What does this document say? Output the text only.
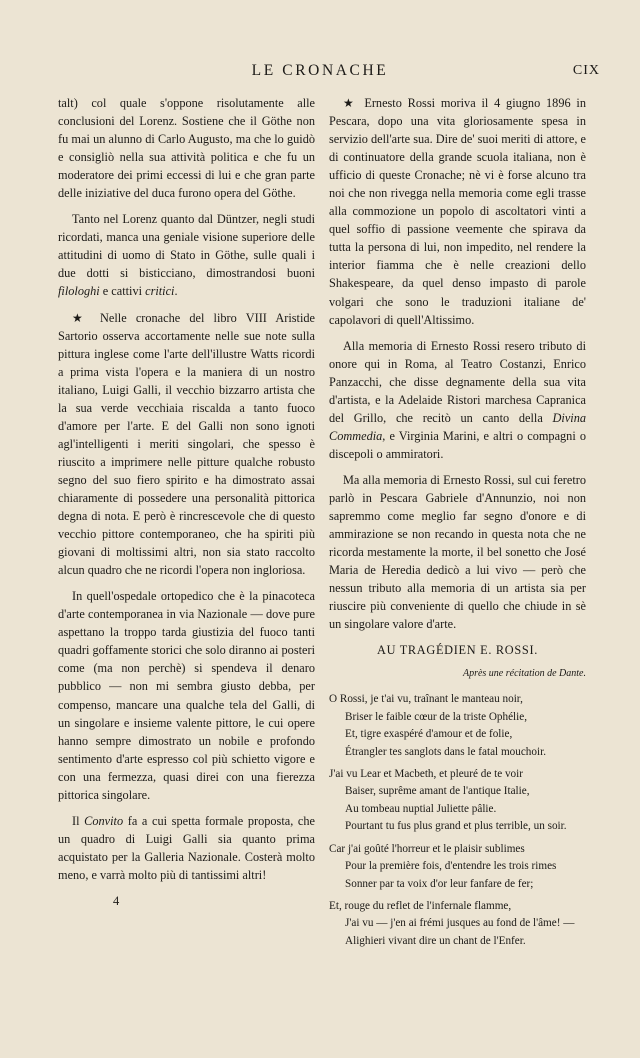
LE CRONACHE	CIX

talt) col quale s'oppone risolutamente alle conclusioni del Lorenz. Sostiene che il Göthe non fu mai un alunno di Carlo Augusto, ma che lo guidò e consigliò nella sua attività politica e che fu un moderatore dei primi eccessi di lui e che gran parte delle iniziative del duca furono opera del Göthe.

Tanto nel Lorenz quanto dal Düntzer, negli studi ricordati, manca una geniale visione superiore delle attitudini di uomo di Stato in Göthe, sulle quali i due dotti si bisticciano, dimostrandosi buoni filologhi e cattivi critici.

★ Nelle cronache del libro VIII Aristide Sartorio osserva accortamente nelle sue note sulla pittura inglese come l'arte dell'illustre Watts ricordi a prima vista l'opera e la maniera di un nostro italiano, Luigi Galli, il vecchio bizzarro artista che la sua verde vecchiaia riscalda a tanto fuoco d'amore per l'arte. E del Galli non sono ignoti agl'intelligenti i meriti singolari, che spesso è riuscito a imprimere nelle pitture qualche robusto segno del suo fiero spirito e ha dimostrato assai chiaramente di possedere una personalità pittorica degna di nota. E però è rincrescevole che di questo vecchio pittore contemporaneo, che ha spiriti più giovani di moltissimi altri, non sia stato raccolto alcun quadro che ne ricordi l'opera non ingloriosa.

In quell'ospedale ortopedico che è la pinacoteca d'arte contemporanea in via Nazionale — dove pure aspettano la troppo tarda giustizia del fuoco tanti quadri goffamente storici che solo diranno ai posteri come (ma non perchè) si spendeva il denaro pubblico — non mi sembra giusto debba, per compenso, mancare una qualche tela del Galli, di un singolare e insieme valente pittore, le cui opere hanno sempre dimostrato un nobile e profondo sentimento d'arte espresso col più schietto vigore e con una fermezza, quasi direi con una fierezza pittorica singolare.

Il Convito fa a cui spetta formale proposta, che un quadro di Luigi Galli sia quanto prima acquistato per la Galleria Nazionale. Costerà molto meno, e varrà molto più di tantissimi altri!

4

★ Ernesto Rossi moriva il 4 giugno 1896 in Pescara, dopo una vita gloriosamente spesa in servizio dell'arte sua. Dire de' suoi meriti di attore, e di continuatore della grande scuola italiana, non è ufficio di queste Cronache; nè vi è forse alcuno tra noi che non rivegga nella memoria come egli trasse alla commozione un popolo di ascoltatori vinti a quel soffio di passione veemente che spirava da tutta la persona di lui, non impedito, nel rendere la interior fiamma che è nelle creazioni dello Shakespeare, da quel denso impasto di parole volgari che sono le traduzioni italiane de' capolavori di quell'Altissimo.

Alla memoria di Ernesto Rossi resero tributo di onore qui in Roma, al Teatro Costanzi, Enrico Panzacchi, che disse degnamente della sua vita d'artista, e la Adelaide Ristori marchesa Capranica del Grillo, che recitò un canto della Divina Commedia, e Virginia Marini, e altri o compagni o discepoli o ammiratori.

Ma alla memoria di Ernesto Rossi, sul cui feretro parlò in Pescara Gabriele d'Annunzio, noi non sapremmo come meglio far segno d'onore e di ammirazione se non recando in questa nota che ne ricorda mestamente la morte, il bel sonetto che José Maria de Heredia dedicò a lui vivo — però che nessun tributo alla memoria di un artista sia per riuscire più conveniente di quello che chiude in sè un singolare valore d'arte.

AU TRAGÉDIEN E. ROSSI.
Après une récitation de Dante.
O Rossi, je t'ai vu, traînant le manteau noir,
Briser le faible cœur de la triste Ophélie,
Et, tigre exaspéré d'amour et de folie,
Étrangler tes sanglots dans le fatal mouchoir.
J'ai vu Lear et Macbeth, et pleuré de te voir
Baiser, suprême amant de l'antique Italie,
Au tombeau nuptial Juliette pâlie.
Pourtant tu fus plus grand et plus terrible, un soir.
Car j'ai goûté l'horreur et le plaisir sublimes
Pour la première fois, d'entendre les trois rimes
Sonner par ta voix d'or leur fanfare de fer;
Et, rouge du reflet de l'infernale flamme,
J'ai vu — j'en ai frémi jusques au fond de l'âme! —
Alighieri vivant dire un chant de l'Enfer.
